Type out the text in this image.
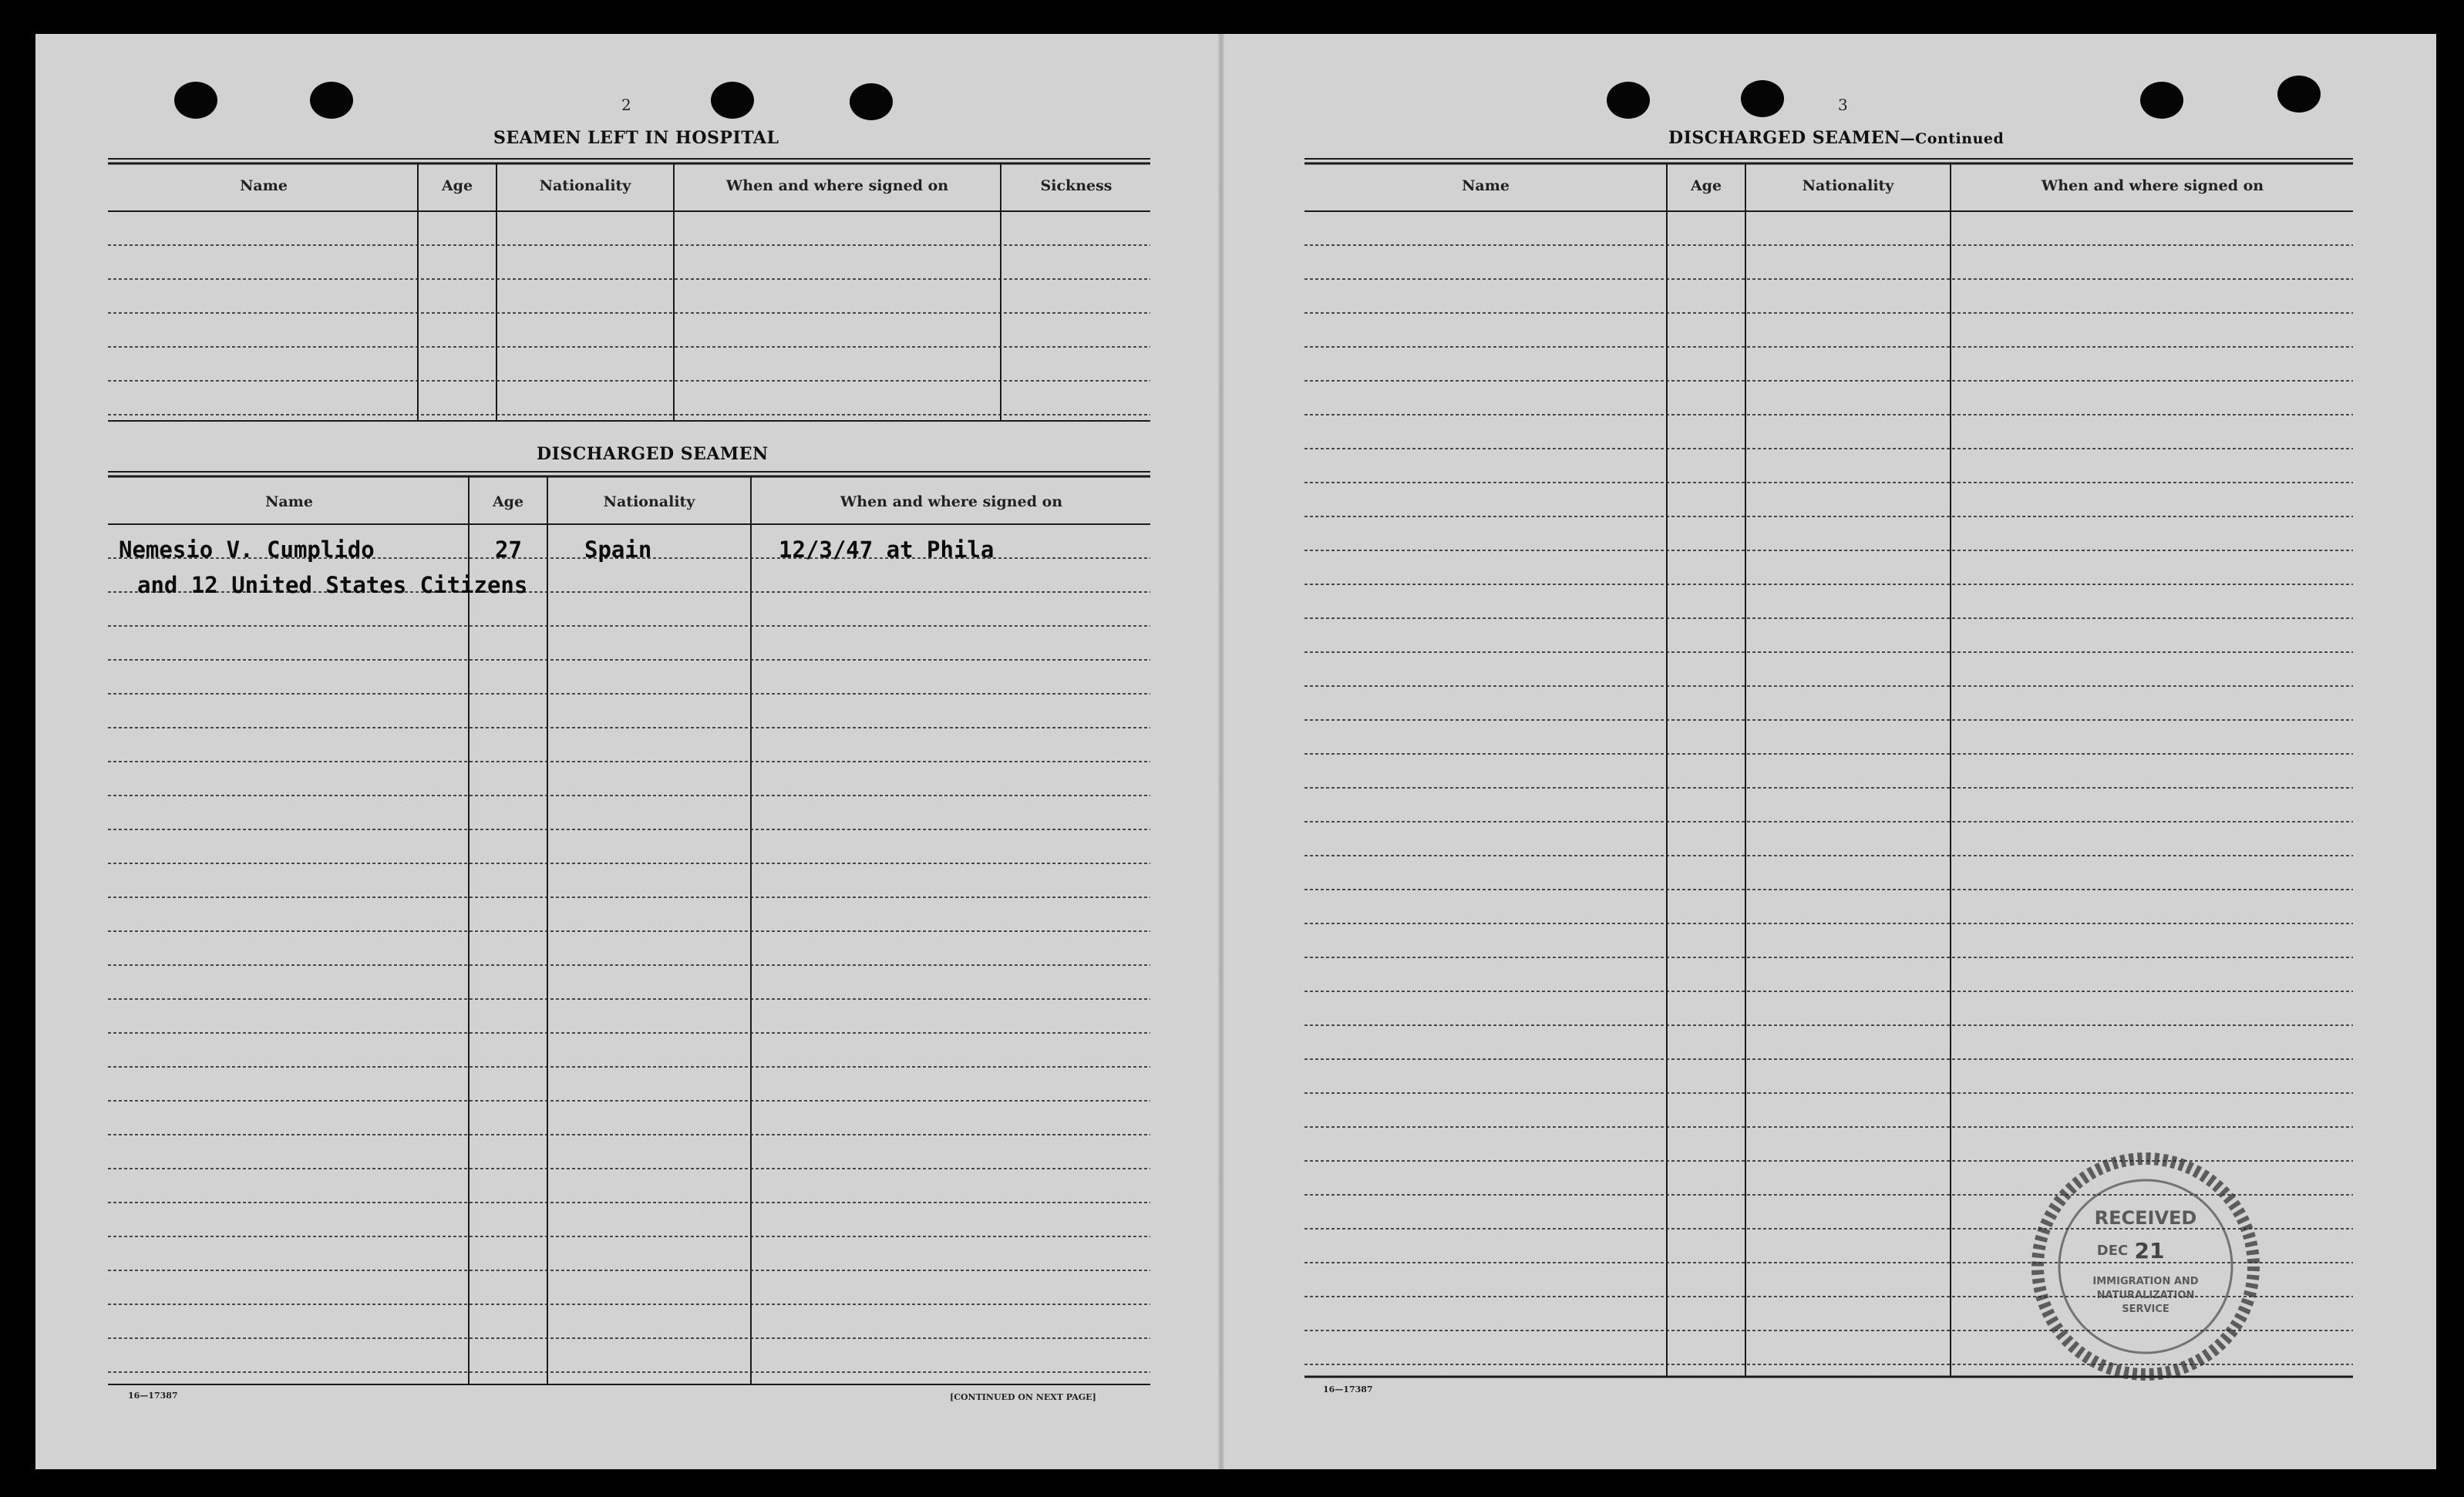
2
SEAMEN LEFT IN HOSPITAL
Name	Age	Nationality	When and where signed on	Sickness
DISCHARGED SEAMEN
Name	Age	Nationality	When and where signed on
Nemesio V. Cumplido	27	Spain	12/3/47 at Phila
and 12 United States Citizens
16—17387	[CONTINUED ON NEXT PAGE]
3
DISCHARGED SEAMEN—Continued
Name	Age	Nationality	When and where signed on
16—17387
RECEIVED
DEC 21
IMMIGRATION AND
NATURALIZATION
SERVICE
